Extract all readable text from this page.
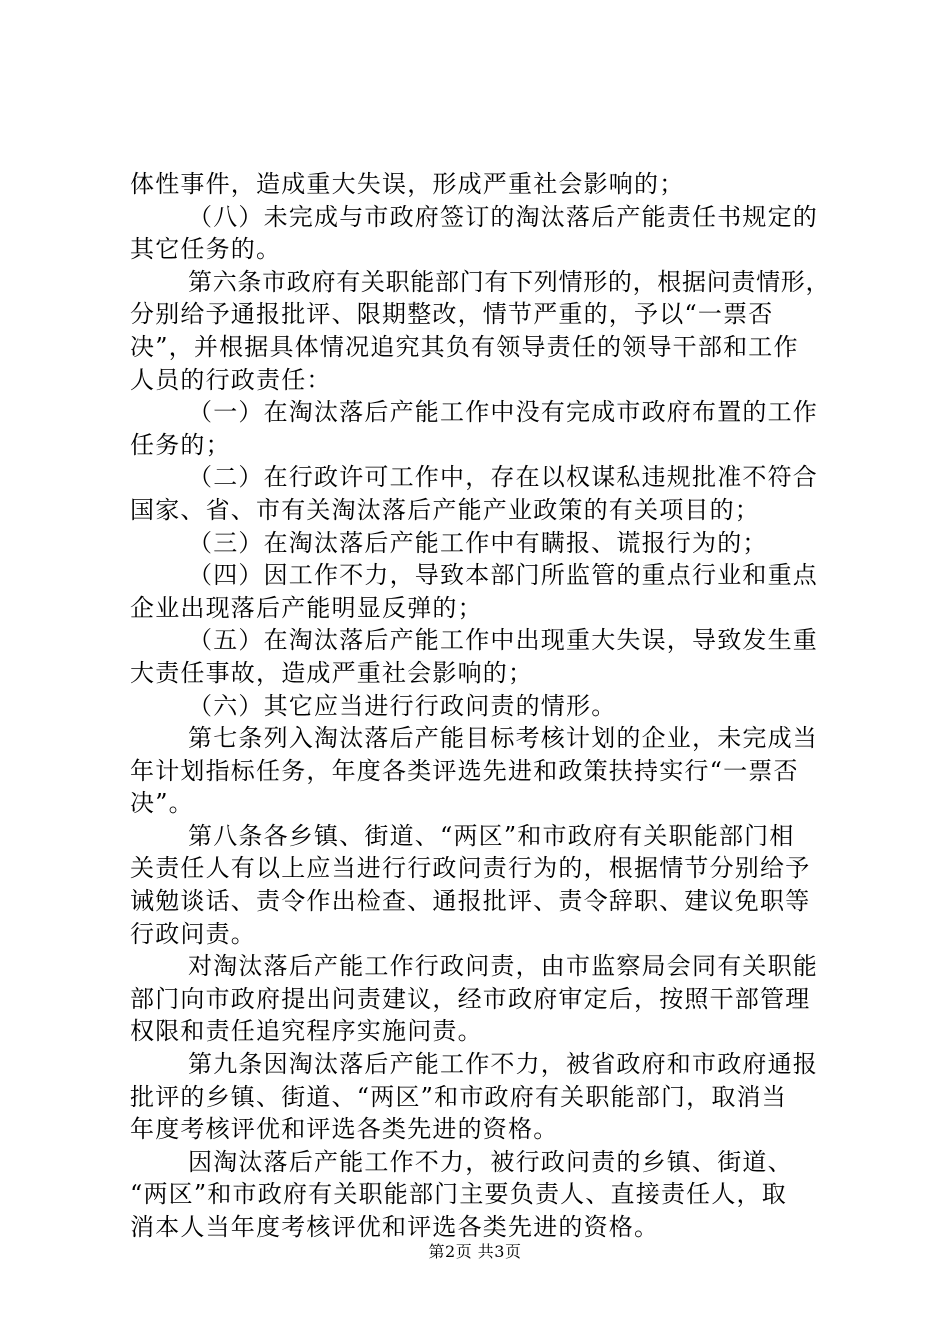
体性事件，造成重大失误，形成严重社会影响的；
（八）未完成与市政府签订的淘汰落后产能责任书规定的
其它任务的。
第六条市政府有关职能部门有下列情形的，根据问责情形，
分别给予通报批评、限期整改，情节严重的，予以“一票否
决”，并根据具体情况追究其负有领导责任的领导干部和工作
人员的行政责任：
（一）在淘汰落后产能工作中没有完成市政府布置的工作
任务的；
（二）在行政许可工作中，存在以权谋私违规批准不符合
国家、省、市有关淘汰落后产能产业政策的有关项目的；
（三）在淘汰落后产能工作中有瞒报、谎报行为的；
（四）因工作不力，导致本部门所监管的重点行业和重点
企业出现落后产能明显反弹的；
（五）在淘汰落后产能工作中出现重大失误，导致发生重
大责任事故，造成严重社会影响的；
（六）其它应当进行行政问责的情形。
第七条列入淘汰落后产能目标考核计划的企业，未完成当
年计划指标任务，年度各类评选先进和政策扶持实行“一票否
决”。
第八条各乡镇、街道、“两区”和市政府有关职能部门相
关责任人有以上应当进行行政问责行为的，根据情节分别给予
诫勉谈话、责令作出检查、通报批评、责令辞职、建议免职等
行政问责。
对淘汰落后产能工作行政问责，由市监察局会同有关职能
部门向市政府提出问责建议，经市政府审定后，按照干部管理
权限和责任追究程序实施问责。
第九条因淘汰落后产能工作不力，被省政府和市政府通报
批评的乡镇、街道、“两区”和市政府有关职能部门，取消当
年度考核评优和评选各类先进的资格。
因淘汰落后产能工作不力，被行政问责的乡镇、街道、
“两区”和市政府有关职能部门主要负责人、直接责任人，取
消本人当年度考核评优和评选各类先进的资格。
第2页 共3页
